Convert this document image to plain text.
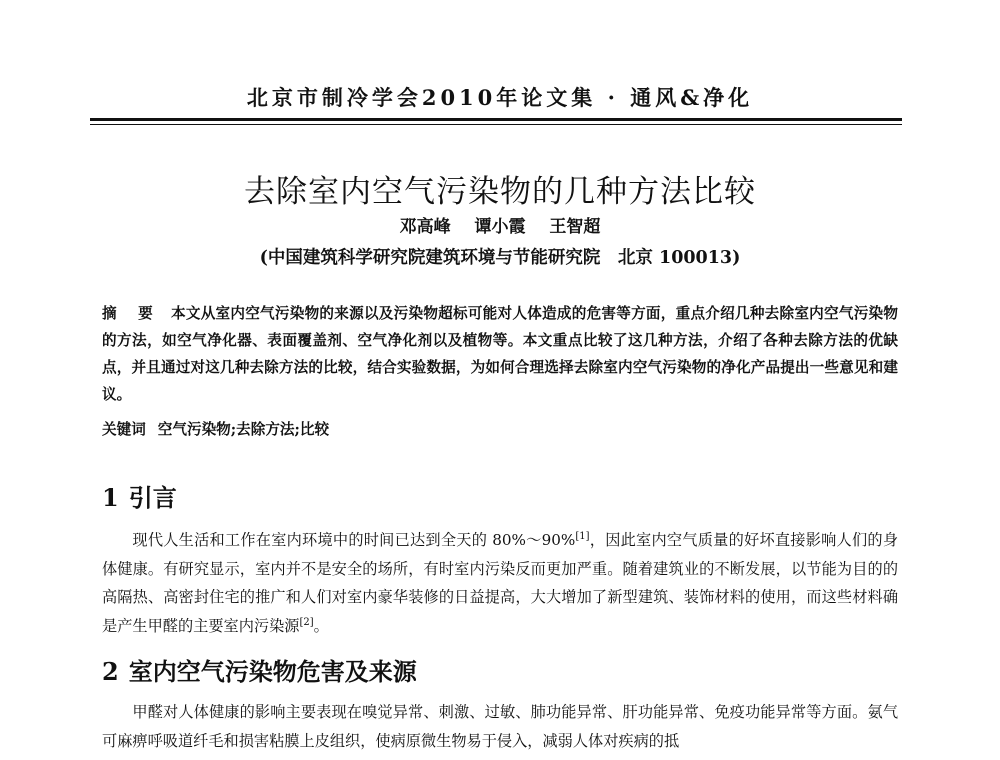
北京市制冷学会2010年论文集 · 通风&净化
去除室内空气污染物的几种方法比较
邓高峰 谭小霞 王智超
(中国建筑科学研究院建筑环境与节能研究院　北京 100013)
摘 要 本文从室内空气污染物的来源以及污染物超标可能对人体造成的危害等方面，重点介绍几种去除室内空气污染物的方法，如空气净化器、表面覆盖剂、空气净化剂以及植物等。本文重点比较了这几种方法，介绍了各种去除方法的优缺点，并且通过对这几种去除方法的比较，结合实验数据，为如何合理选择去除室内空气污染物的净化产品提出一些意见和建议。
关键词 空气污染物;去除方法;比较
1 引言

现代人生活和工作在室内环境中的时间已达到全天的 80%～90%[1]，因此室内空气质量的好坏直接影响人们的身体健康。有研究显示，室内并不是安全的场所，有时室内污染反而更加严重。随着建筑业的不断发展，以节能为目的的高隔热、高密封住宅的推广和人们对室内豪华装修的日益提高，大大增加了新型建筑、装饰材料的使用，而这些材料确是产生甲醛的主要室内污染源[2]。

2 室内空气污染物危害及来源

甲醛对人体健康的影响主要表现在嗅觉异常、刺激、过敏、肺功能异常、肝功能异常、免疫功能异常等方面。氨气可麻痹呼吸道纤毛和损害粘膜上皮组织，使病原微生物易于侵入，减弱人体对疾病的抵
